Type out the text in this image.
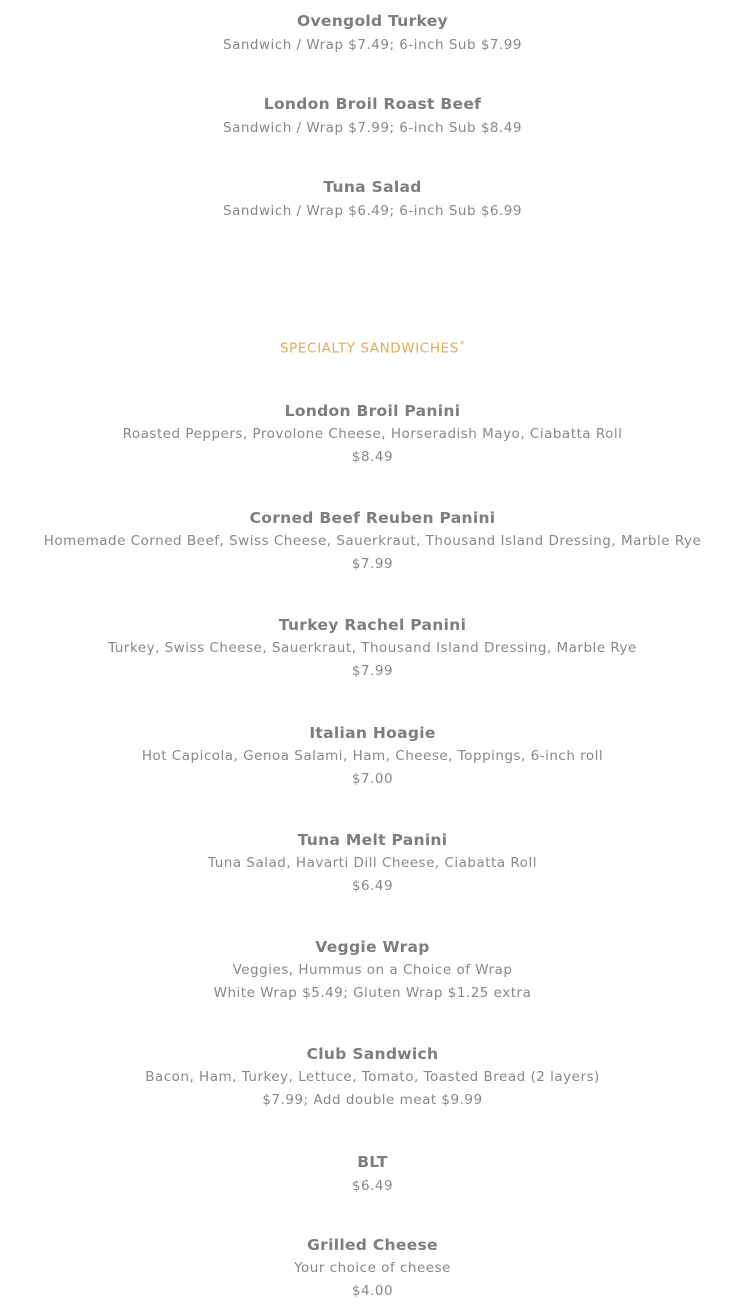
Ovengold Turkey
Sandwich / Wrap $7.49; 6-inch Sub $7.99
London Broil Roast Beef
Sandwich / Wrap $7.99; 6-inch Sub $8.49
Tuna Salad
Sandwich / Wrap $6.49; 6-inch Sub $6.99
SPECIALTY SANDWICHES*
London Broil Panini
Roasted Peppers, Provolone Cheese, Horseradish Mayo, Ciabatta Roll
$8.49
Corned Beef Reuben Panini
Homemade Corned Beef, Swiss Cheese, Sauerkraut, Thousand Island Dressing, Marble Rye
$7.99
Turkey Rachel Panini
Turkey, Swiss Cheese, Sauerkraut, Thousand Island Dressing, Marble Rye
$7.99
Italian Hoagie
Hot Capicola, Genoa Salami, Ham, Cheese, Toppings, 6-inch roll
$7.00
Tuna Melt Panini
Tuna Salad, Havarti Dill Cheese, Ciabatta Roll
$6.49
Veggie Wrap
Veggies, Hummus on a Choice of Wrap
White Wrap $5.49; Gluten Wrap $1.25 extra
Club Sandwich
Bacon, Ham, Turkey, Lettuce, Tomato, Toasted Bread (2 layers)
$7.99; Add double meat $9.99
BLT
$6.49
Grilled Cheese
Your choice of cheese
$4.00
